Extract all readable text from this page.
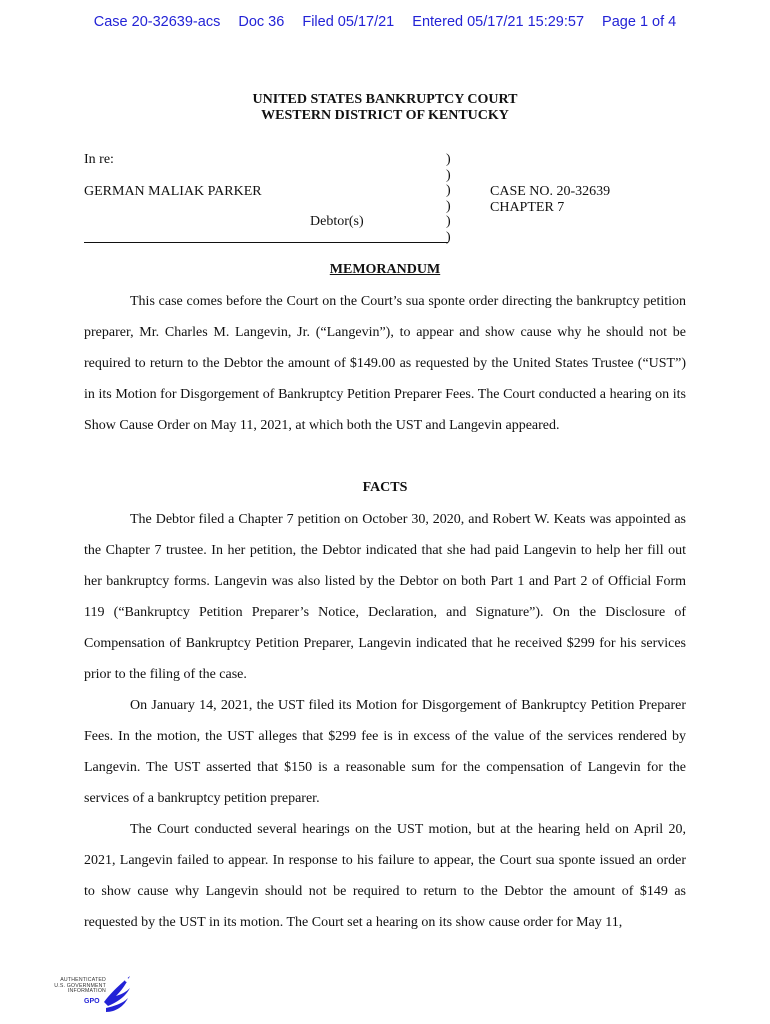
Case 20-32639-acs Doc 36 Filed 05/17/21 Entered 05/17/21 15:29:57 Page 1 of 4
UNITED STATES BANKRUPTCY COURT
WESTERN DISTRICT OF KENTUCKY
In re:
GERMAN MALIAK PARKER
Debtor(s)
)
)
)
)
)
)
CASE NO. 20-32639
CHAPTER 7
MEMORANDUM

This case comes before the Court on the Court’s sua sponte order directing the bankruptcy petition preparer, Mr. Charles M. Langevin, Jr. (“Langevin”), to appear and show cause why he should not be required to return to the Debtor the amount of $149.00 as requested by the United States Trustee (“UST”) in its Motion for Disgorgement of Bankruptcy Petition Preparer Fees. The Court conducted a hearing on its Show Cause Order on May 11, 2021, at which both the UST and Langevin appeared.

FACTS

The Debtor filed a Chapter 7 petition on October 30, 2020, and Robert W. Keats was appointed as the Chapter 7 trustee. In her petition, the Debtor indicated that she had paid Langevin to help her fill out her bankruptcy forms. Langevin was also listed by the Debtor on both Part 1 and Part 2 of Official Form 119 (“Bankruptcy Petition Preparer’s Notice, Declaration, and Signature”). On the Disclosure of Compensation of Bankruptcy Petition Preparer, Langevin indicated that he received $299 for his services prior to the filing of the case.

On January 14, 2021, the UST filed its Motion for Disgorgement of Bankruptcy Petition Preparer Fees. In the motion, the UST alleges that $299 fee is in excess of the value of the services rendered by Langevin. The UST asserted that $150 is a reasonable sum for the compensation of Langevin for the services of a bankruptcy petition preparer.

The Court conducted several hearings on the UST motion, but at the hearing held on April 20, 2021, Langevin failed to appear. In response to his failure to appear, the Court sua sponte issued an order to show cause why Langevin should not be required to return to the Debtor the amount of $149 as requested by the UST in its motion. The Court set a hearing on its show cause order for May 11,

AUTHENTICATED
U.S. GOVERNMENT
INFORMATION
GPO
